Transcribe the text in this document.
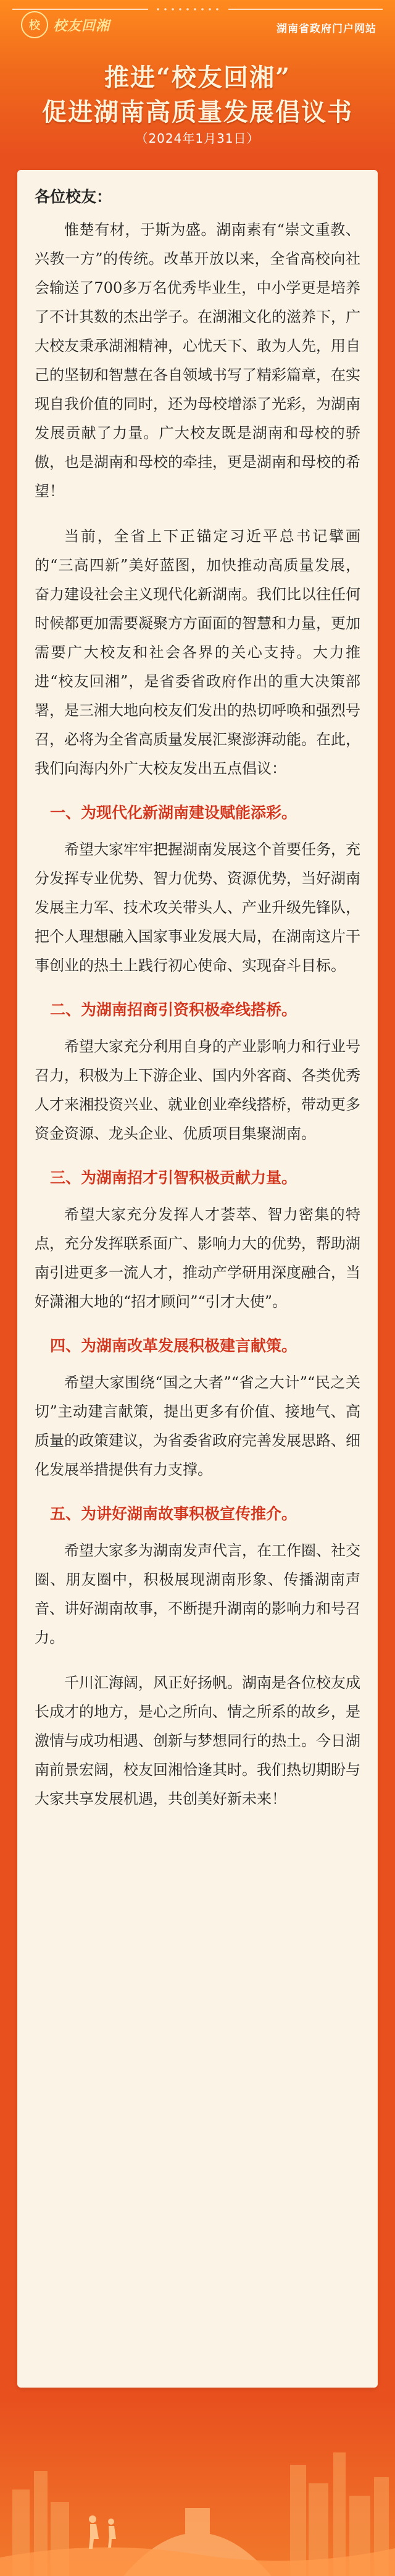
校 校友回湘	湖南省政府门户网站
推进“校友回湘”
促进湖南高质量发展倡议书
（2024年1月31日）
各位校友：

惟楚有材，于斯为盛。湖南素有“崇文重教、兴教一方”的传统。改革开放以来，全省高校向社会输送了700多万名优秀毕业生，中小学更是培养了不计其数的杰出学子。在湖湘文化的滋养下，广大校友秉承湖湘精神，心忧天下、敢为人先，用自己的坚韧和智慧在各自领域书写了精彩篇章，在实现自我价值的同时，还为母校增添了光彩，为湖南发展贡献了力量。广大校友既是湖南和母校的骄傲，也是湖南和母校的牵挂，更是湖南和母校的希望！

当前，全省上下正锚定习近平总书记擘画的“三高四新”美好蓝图，加快推动高质量发展，奋力建设社会主义现代化新湖南。我们比以往任何时候都更加需要凝聚方方面面的智慧和力量，更加需要广大校友和社会各界的关心支持。大力推进“校友回湘”，是省委省政府作出的重大决策部署，是三湘大地向校友们发出的热切呼唤和强烈号召，必将为全省高质量发展汇聚澎湃动能。在此，我们向海内外广大校友发出五点倡议：

一、为现代化新湖南建设赋能添彩。

希望大家牢牢把握湖南发展这个首要任务，充分发挥专业优势、智力优势、资源优势，当好湖南发展主力军、技术攻关带头人、产业升级先锋队，把个人理想融入国家事业发展大局，在湖南这片干事创业的热土上践行初心使命、实现奋斗目标。

二、为湖南招商引资积极牵线搭桥。

希望大家充分利用自身的产业影响力和行业号召力，积极为上下游企业、国内外客商、各类优秀人才来湘投资兴业、就业创业牵线搭桥，带动更多资金资源、龙头企业、优质项目集聚湖南。

三、为湖南招才引智积极贡献力量。

希望大家充分发挥人才荟萃、智力密集的特点，充分发挥联系面广、影响力大的优势，帮助湖南引进更多一流人才，推动产学研用深度融合，当好潇湘大地的“招才顾问”“引才大使”。

四、为湖南改革发展积极建言献策。

希望大家围绕“国之大者”“省之大计”“民之关切”主动建言献策，提出更多有价值、接地气、高质量的政策建议，为省委省政府完善发展思路、细化发展举措提供有力支撑。

五、为讲好湖南故事积极宣传推介。

希望大家多为湖南发声代言，在工作圈、社交圈、朋友圈中，积极展现湖南形象、传播湖南声音、讲好湖南故事，不断提升湖南的影响力和号召力。

千川汇海阔，风正好扬帆。湖南是各位校友成长成才的地方，是心之所向、情之所系的故乡，是激情与成功相遇、创新与梦想同行的热土。今日湖南前景宏阔，校友回湘恰逢其时。我们热切期盼与大家共享发展机遇，共创美好新未来！
